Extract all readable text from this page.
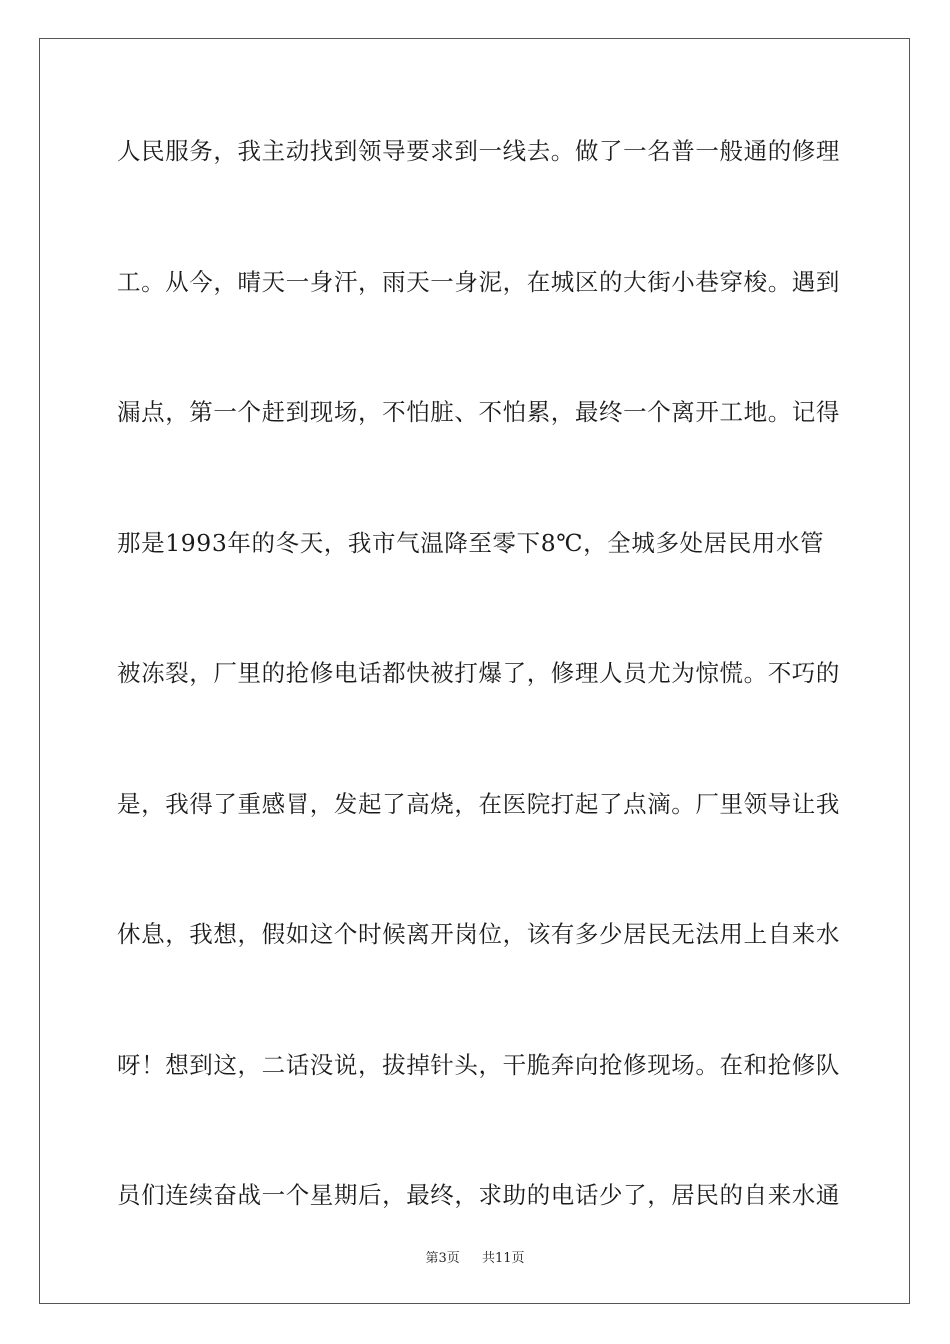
人民服务，我主动找到领导要求到一线去。做了一名普一般通的修理
工。从今，晴天一身汗，雨天一身泥，在城区的大街小巷穿梭。遇到
漏点，第一个赶到现场，不怕脏、不怕累，最终一个离开工地。记得
那是1993年的冬天，我市气温降至零下8℃，全城多处居民用水管
被冻裂，厂里的抢修电话都快被打爆了，修理人员尤为惊慌。不巧的
是，我得了重感冒，发起了高烧，在医院打起了点滴。厂里领导让我
休息，我想，假如这个时候离开岗位，该有多少居民无法用上自来水
呀！想到这，二话没说，拔掉针头，干脆奔向抢修现场。在和抢修队
员们连续奋战一个星期后，最终，求助的电话少了，居民的自来水通
第3页 共11页
